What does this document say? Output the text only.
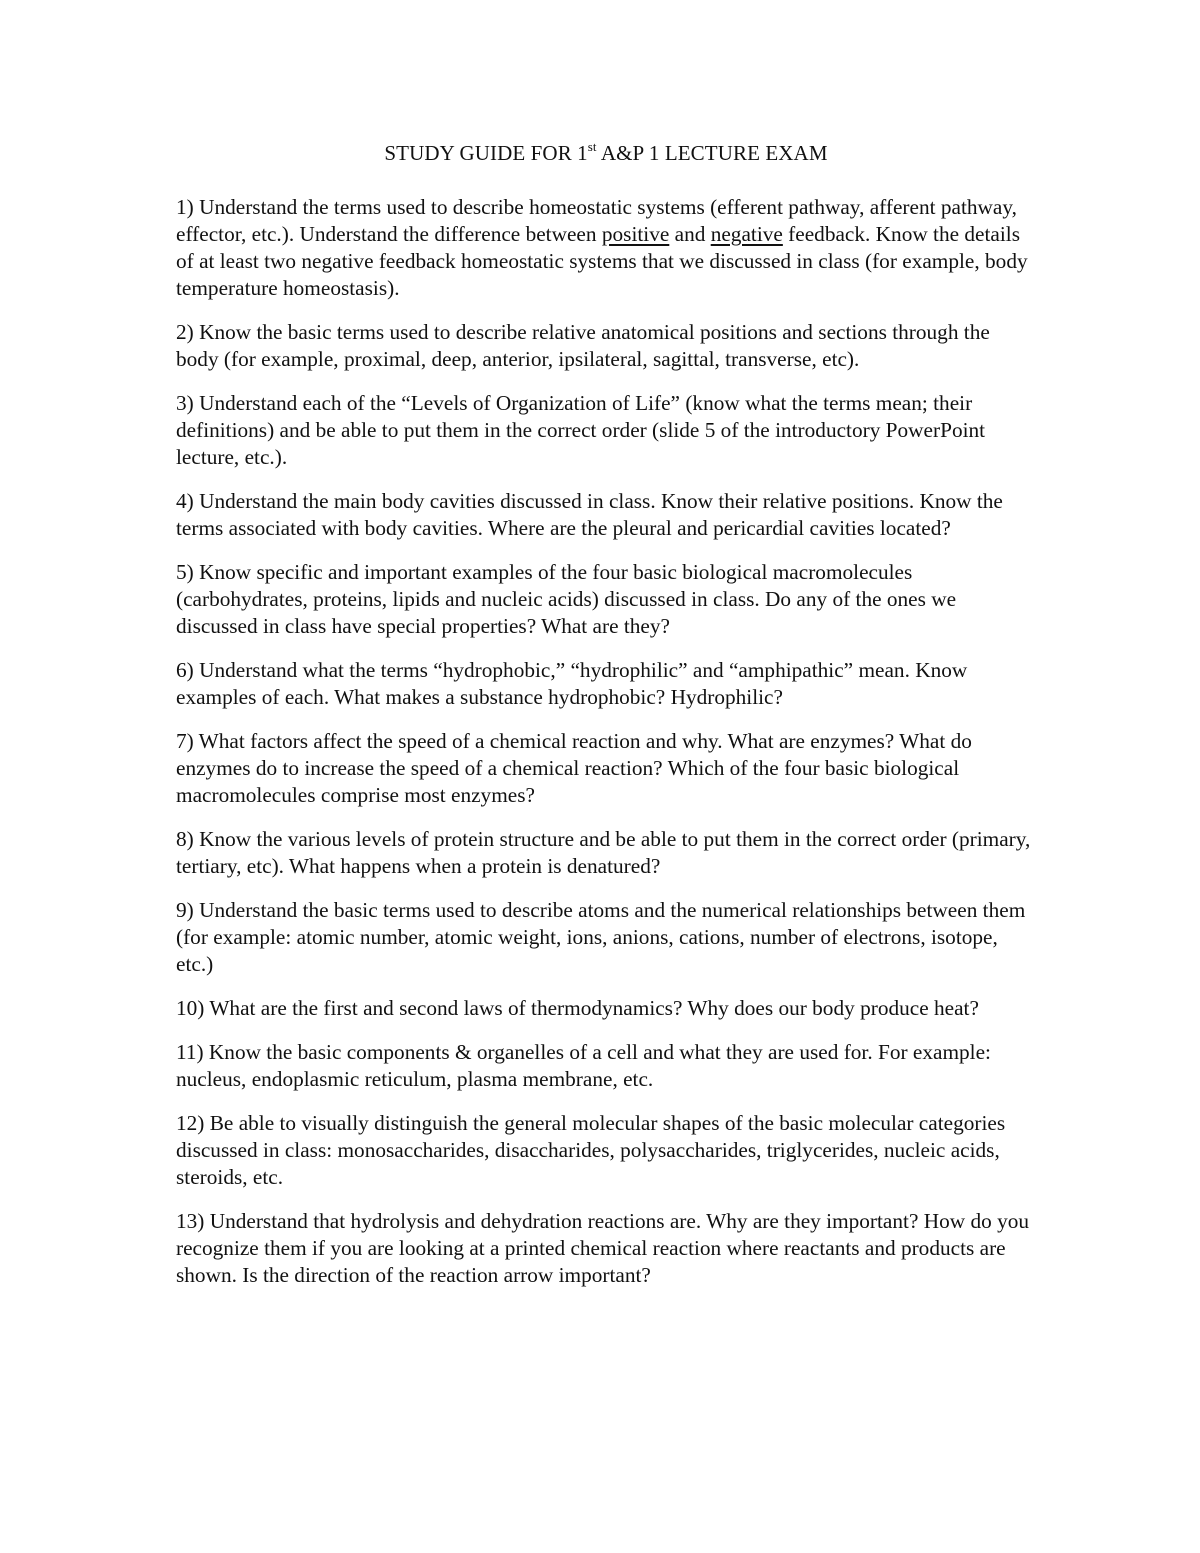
STUDY GUIDE FOR 1st A&P 1 LECTURE EXAM

1) Understand the terms used to describe homeostatic systems (efferent pathway, afferent pathway, effector, etc.). Understand the difference between positive and negative feedback. Know the details of at least two negative feedback homeostatic systems that we discussed in class (for example, body temperature homeostasis).

2) Know the basic terms used to describe relative anatomical positions and sections through the body (for example, proximal, deep, anterior, ipsilateral, sagittal, transverse, etc).

3) Understand each of the “Levels of Organization of Life” (know what the terms mean; their definitions) and be able to put them in the correct order (slide 5 of the introductory PowerPoint lecture, etc.).

4) Understand the main body cavities discussed in class. Know their relative positions. Know the terms associated with body cavities. Where are the pleural and pericardial cavities located?

5) Know specific and important examples of the four basic biological macromolecules (carbohydrates, proteins, lipids and nucleic acids) discussed in class. Do any of the ones we discussed in class have special properties? What are they?

6) Understand what the terms “hydrophobic,” “hydrophilic” and “amphipathic” mean. Know examples of each. What makes a substance hydrophobic? Hydrophilic?

7) What factors affect the speed of a chemical reaction and why. What are enzymes? What do enzymes do to increase the speed of a chemical reaction? Which of the four basic biological macromolecules comprise most enzymes?

8) Know the various levels of protein structure and be able to put them in the correct order (primary, tertiary, etc). What happens when a protein is denatured?

9) Understand the basic terms used to describe atoms and the numerical relationships between them (for example: atomic number, atomic weight, ions, anions, cations, number of electrons, isotope, etc.)

10) What are the first and second laws of thermodynamics? Why does our body produce heat?

11) Know the basic components & organelles of a cell and what they are used for. For example: nucleus, endoplasmic reticulum, plasma membrane, etc.

12) Be able to visually distinguish the general molecular shapes of the basic molecular categories discussed in class: monosaccharides, disaccharides, polysaccharides, triglycerides, nucleic acids, steroids, etc.

13) Understand that hydrolysis and dehydration reactions are. Why are they important? How do you recognize them if you are looking at a printed chemical reaction where reactants and products are shown. Is the direction of the reaction arrow important?
